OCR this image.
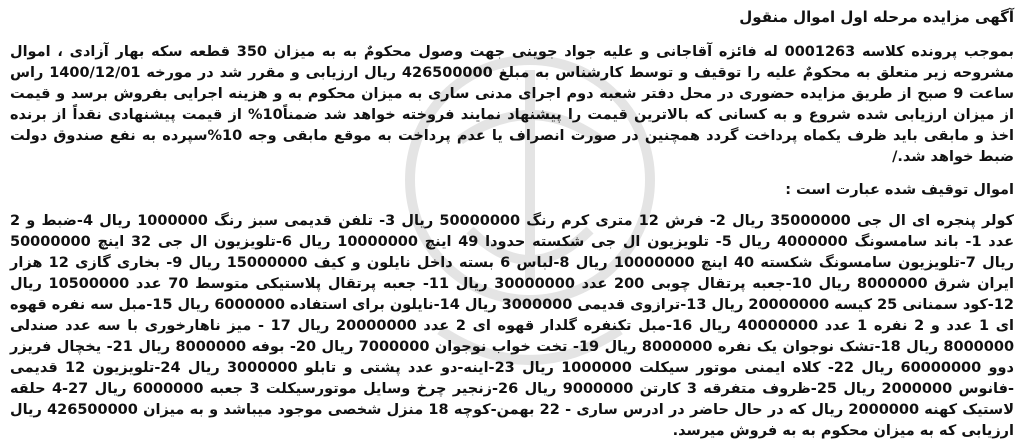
آگهی مزایده مرحله اول اموال منقول

بموجب پرونده کلاسه 0001263 له فائزه آقاجانی و علیه جواد جوینی جهت وصول محکومٌ به به میزان 350 قطعه سکه بهار آزادی ، اموال مشروحه زیر متعلق به محکومٌ علیه را توقیف و توسط کارشناس به مبلغ 426500000 ریال ارزیابی و مقرر شد در مورخه 1400/12/01 راس ساعت 9 صبح از طریق مزایده حضوری در محل دفتر شعبه دوم اجرای مدنی ساری به میزان محکوم به و هزینه اجرایی بفروش برسد و قیمت از میزان ارزیابی شده شروع و به کسانی که بالاترین قیمت را پیشنهاد نمایند فروخته خواهد شد ضمناً10% از قیمت پیشنهادی نقداً از برنده اخذ و مابقی باید ظرف یکماه پرداخت گردد همچنین در صورت انصراف یا عدم پرداخت به موقع مابقی وجه 10%سپرده به نفع صندوق دولت ضبط خواهد شد./

اموال توقیف شده عبارت است :

کولر پنجره ای ال جی 35000000 ریال 2- فرش 12 متری کرم رنگ 50000000 ریال 3- تلفن قدیمی سبز رنگ 1000000 ریال 4-ضبط و 2 عدد 1- باند سامسونگ 4000000 ریال 5- تلویزیون ال جی شکسته حدودا 49 اینچ 10000000 ریال 6-تلویزیون ال جی 32 اینچ 50000000 ریال 7-تلویزیون سامسونگ شکسته 40 اینچ 10000000 ریال 8-لباس 6 بسته داخل نایلون و کیف 15000000 ریال 9- بخاری گازی 12 هزار ایران شرق 8000000 ریال 10-جعبه پرتقال چوبی 200 عدد 30000000 ریال 11- جعبه پرتقال پلاستیکی متوسط 70 عدد 10500000 ریال 12-کود سمنانی 25 کیسه 20000000 ریال 13-ترازوی قدیمی 3000000 ریال 14-نایلون برای استفاده 6000000 ریال 15-مبل سه نفره قهوه ای 1 عدد و 2 نفره 1 عدد 40000000 ریال 16-مبل تکنفره گلدار قهوه ای 2 عدد 20000000 ریال 17 - میز ناهارخوری با سه عدد صندلی 8000000 ریال 18-تشک نوجوان یک نفره 8000000 ریال 19- تخت خواب نوجوان 7000000 ریال 20- بوفه 8000000 ریال 21- یخچال فریزر دوو 60000000 ریال 22- کلاه ایمنی موتور سیکلت 1000000 ریال 23-اینه-دو عدد پشتی و تابلو 3000000 ریال 24-تلویزیون 12 قدیمی -فانوس 2000000 ریال 25-ظروف متفرقه 3 کارتن 9000000 ریال 26-زنجیر چرخ وسایل موتورسیکلت 3 جعبه 6000000 ریال 27-4 حلقه لاستیک کهنه 2000000 ریال که در حال حاضر در ادرس ساری - 22 بهمن-کوچه 18 منزل شخصی موجود میباشد و به میزان 426500000 ریال ارزیابی که به میزان محکوم به به فروش میرسد.
